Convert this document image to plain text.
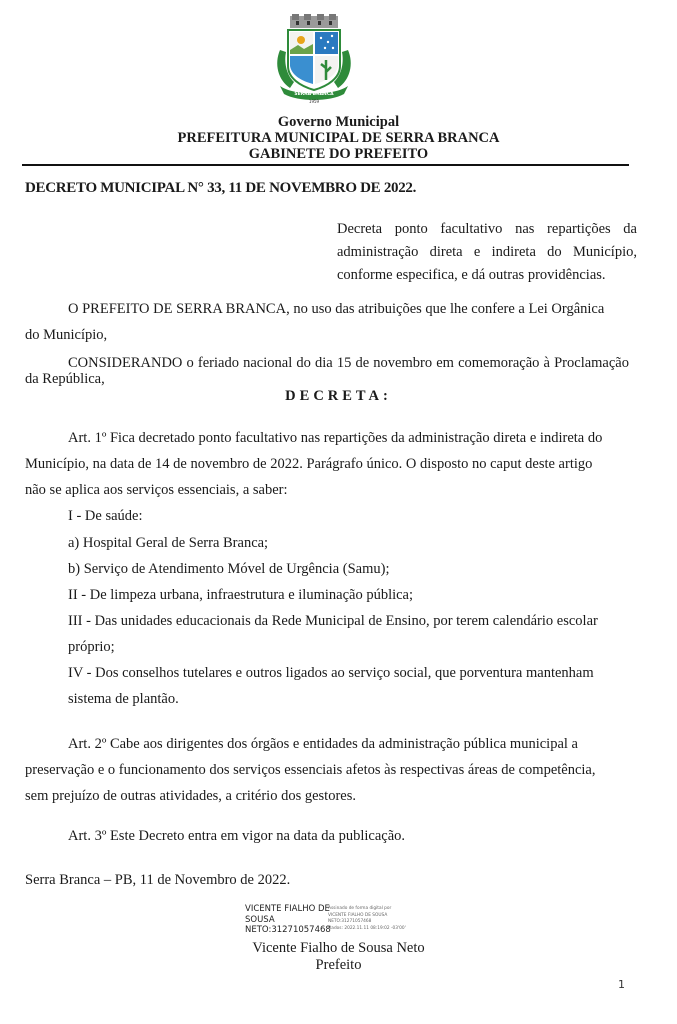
SERRA BRANCA
1959
Governo Municipal
PREFEITURA MUNICIPAL DE SERRA BRANCA
GABINETE DO PREFEITO
DECRETO MUNICIPAL N° 33, 11 DE NOVEMBRO DE 2022.
Decreta ponto facultativo nas repartições da administração direta e indireta do Município, conforme especifica, e dá outras providências.
O PREFEITO DE SERRA BRANCA, no uso das atribuições que lhe confere a Lei Orgânica
do Município,
CONSIDERANDO o feriado nacional do dia 15 de novembro em comemoração à Proclamação da República,
DECRETA:
Art. 1º Fica decretado ponto facultativo nas repartições da administração direta e indireta do
Município, na data de 14 de novembro de 2022. Parágrafo único. O disposto no caput deste artigo
não se aplica aos serviços essenciais, a saber:
I - De saúde:
a) Hospital Geral de Serra Branca;
b) Serviço de Atendimento Móvel de Urgência (Samu);
II - De limpeza urbana, infraestrutura e iluminação pública;
III - Das unidades educacionais da Rede Municipal de Ensino, por terem calendário escolar
próprio;
IV - Dos conselhos tutelares e outros ligados ao serviço social, que porventura mantenham
sistema de plantão.
Art. 2º Cabe aos dirigentes dos órgãos e entidades da administração pública municipal a
preservação e o funcionamento dos serviços essenciais afetos às respectivas áreas de competência,
sem prejuízo de outras atividades, a critério dos gestores.
Art. 3º Este Decreto entra em vigor na data da publicação.
Serra Branca – PB, 11 de Novembro de 2022.
VICENTE FIALHO DE
SOUSA
NETO:31271057468
Assinado de forma digital por
VICENTE FIALHO DE SOUSA
NETO:31271057468
Dados: 2022.11.11 08:19:02 -03'00'
Vicente Fialho de Sousa Neto
Prefeito
1
